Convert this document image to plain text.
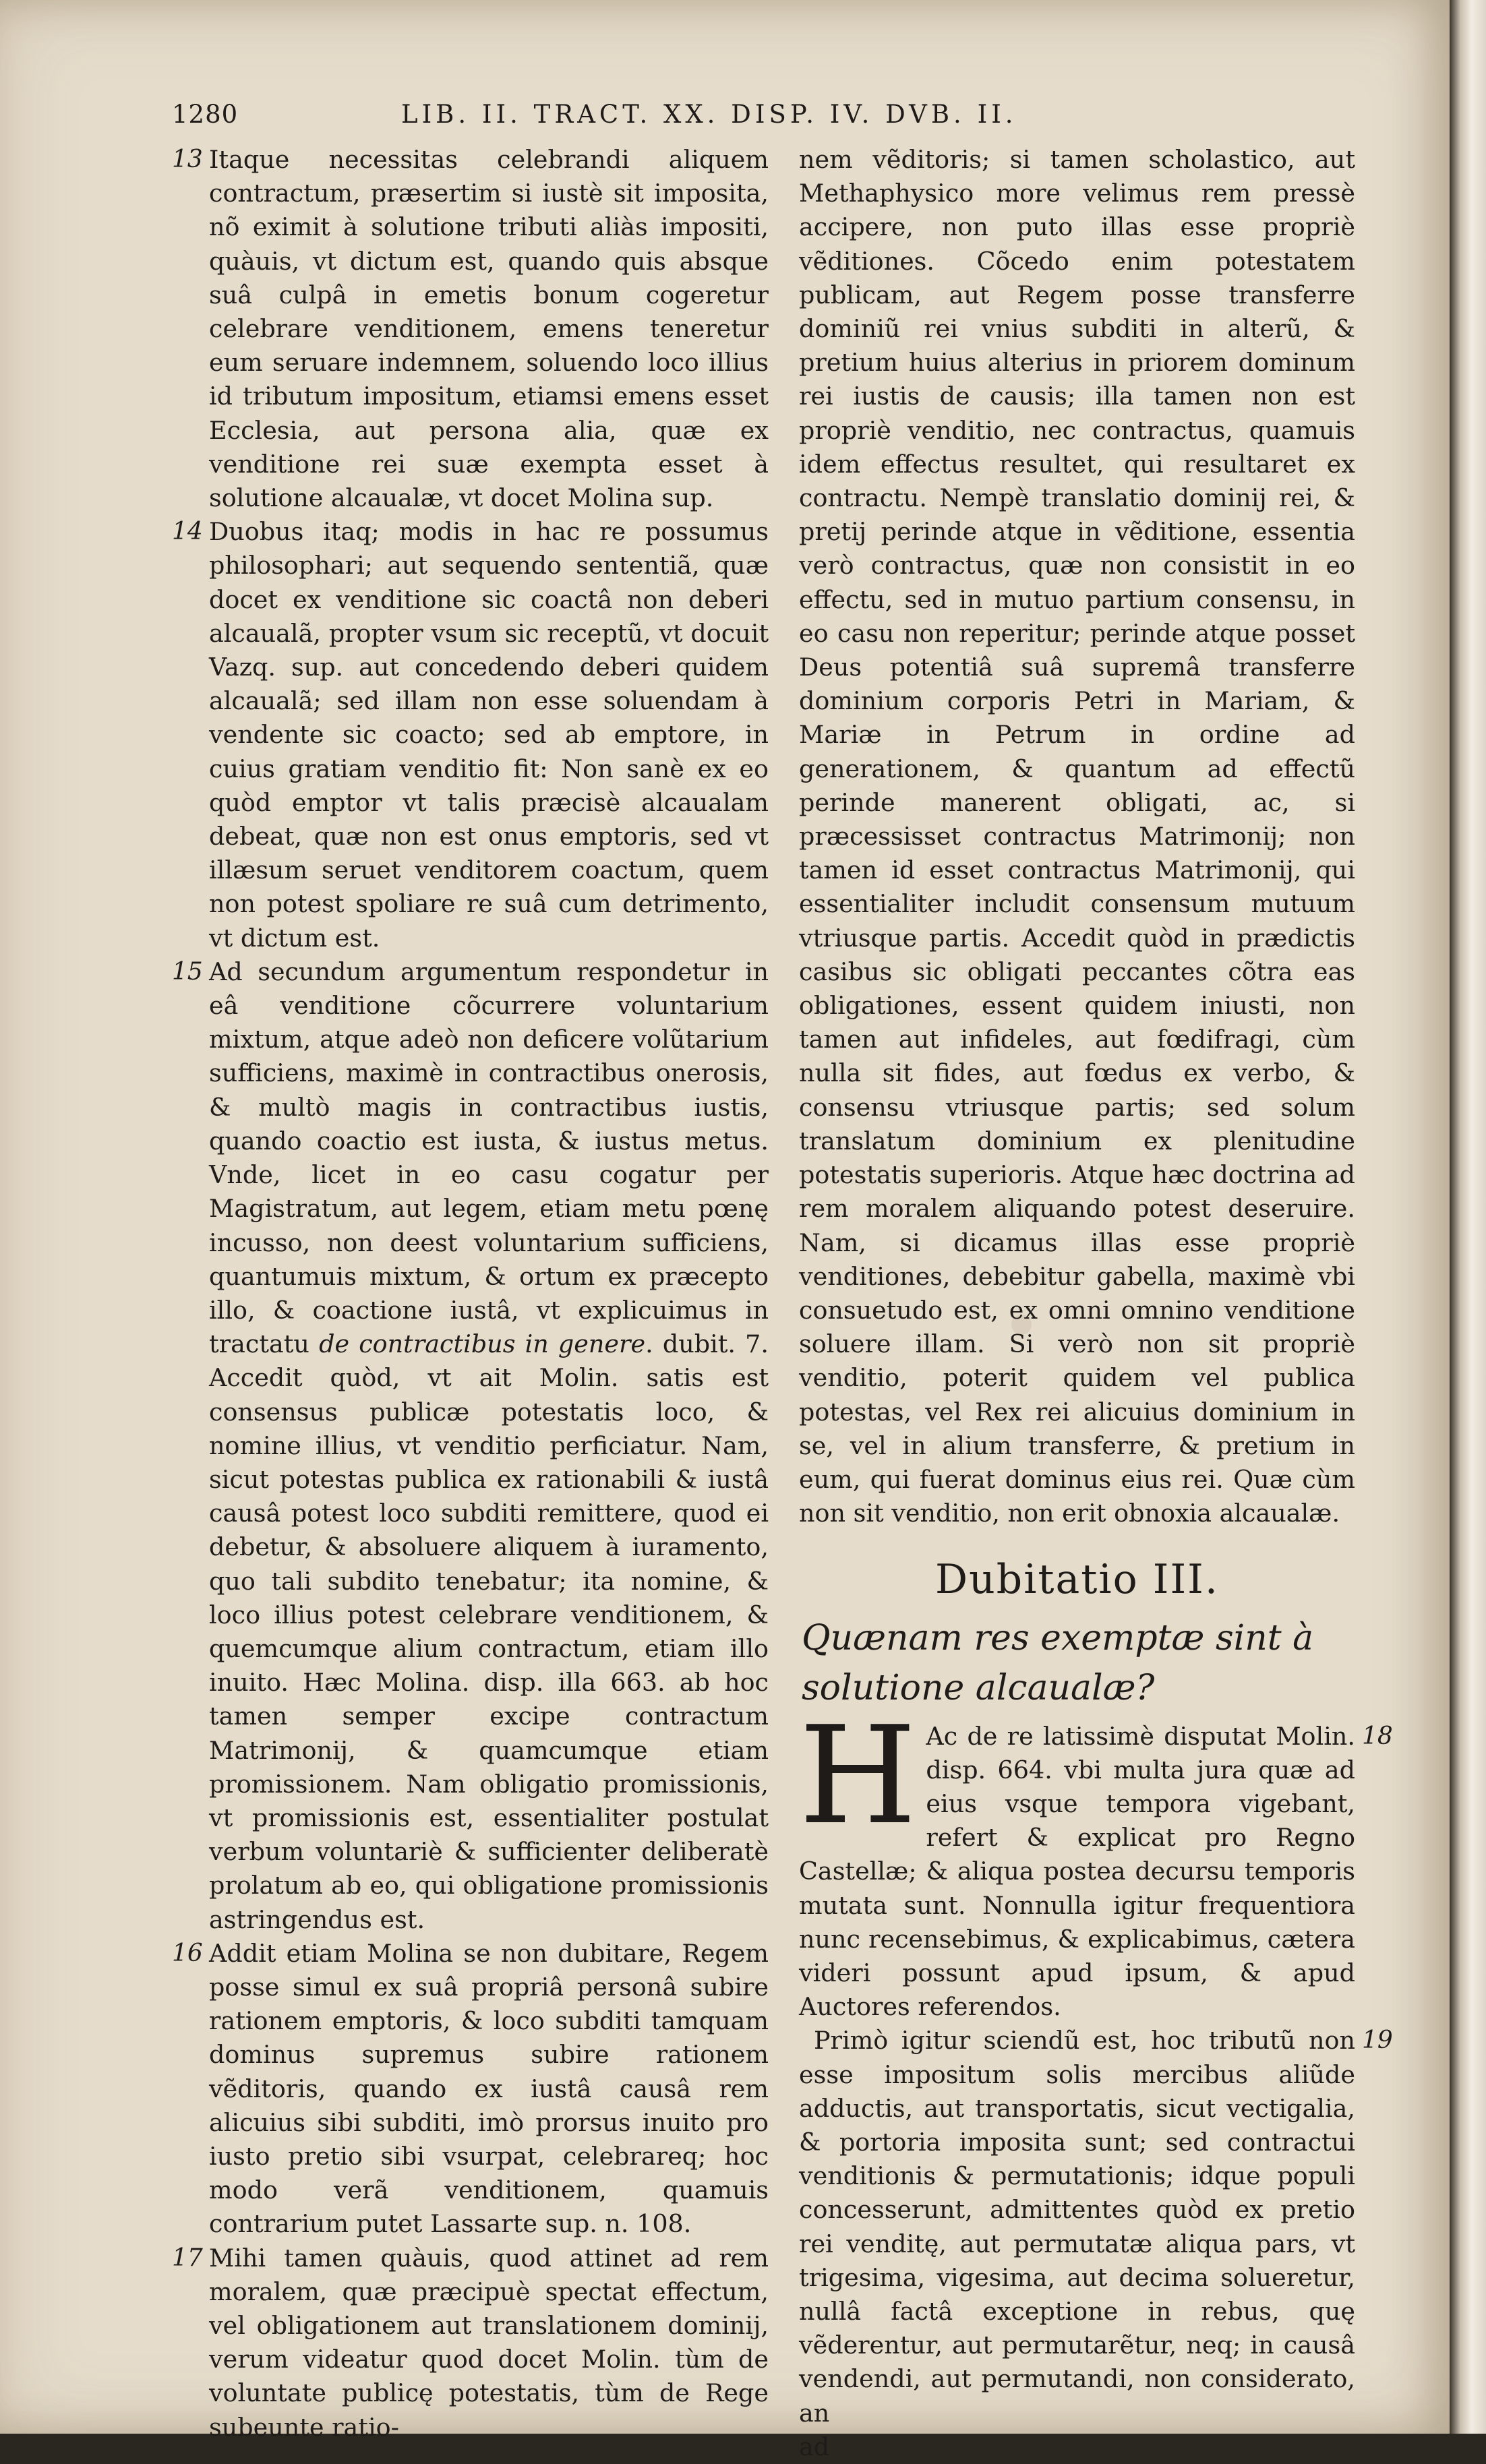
1280	LIB. II. TRACT. XX. DISP. IV. DVB. II.

13 Itaque necessitas celebrandi aliquem contractum, præsertim si iustè sit imposita, nõ eximit à solutione tributi aliàs impositi, quàuis, vt dictum est, quando quis absque suâ culpâ in emetis bonum cogeretur celebrare venditionem, emens teneretur eum seruare indemnem, soluendo loco illius id tributum impositum, etiamsi emens esset Ecclesia, aut persona alia, quæ ex venditione rei suæ exempta esset à solutione alcaualæ, vt docet Molina sup.

14 Duobus itaq; modis in hac re possumus philosophari; aut sequendo sententiã, quæ docet ex venditione sic coactâ non deberi alcaualã, propter vsum sic receptũ, vt docuit Vazq. sup. aut concedendo deberi quidem alcaualã; sed illam non esse soluendam à vendente sic coacto; sed ab emptore, in cuius gratiam venditio fit: Non sanè ex eo quòd emptor vt talis præcisè alcaualam debeat, quæ non est onus emptoris, sed vt illæsum seruet venditorem coactum, quem non potest spoliare re suâ cum detrimento, vt dictum est.

15 Ad secundum argumentum respondetur in eâ venditione cõcurrere voluntarium mixtum, atque adeò non deficere volũtarium sufficiens, maximè in contractibus onerosis, & multò magis in contractibus iustis, quando coactio est iusta, & iustus metus. Vnde, licet in eo casu cogatur per Magistratum, aut legem, etiam metu pœnę incusso, non deest voluntarium sufficiens, quantumuis mixtum, & ortum ex præcepto illo, & coactione iustâ, vt explicuimus in tractatu de contractibus in genere. dubit. 7. Accedit quòd, vt ait Molin. satis est consensus publicæ potestatis loco, & nomine illius, vt venditio perficiatur. Nam, sicut potestas publica ex rationabili & iustâ causâ potest loco subditi remittere, quod ei debetur, & absoluere aliquem à iuramento, quo tali subdito tenebatur; ita nomine, & loco illius potest celebrare venditionem, & quemcumque alium contractum, etiam illo inuito. Hæc Molina. disp. illa 663. ab hoc tamen semper excipe contractum Matrimonij, & quamcumque etiam promissionem. Nam obligatio promissionis, vt promissionis est, essentialiter postulat verbum voluntariè & sufficienter deliberatè prolatum ab eo, qui obligatione promissionis astringendus est.

16 Addit etiam Molina se non dubitare, Regem posse simul ex suâ propriâ personâ subire rationem emptoris, & loco subditi tamquam dominus supremus subire rationem vẽditoris, quando ex iustâ causâ rem alicuius sibi subditi, imò prorsus inuito pro iusto pretio sibi vsurpat, celebrareq; hoc modo verã venditionem, quamuis contrarium putet Lassarte sup. n. 108.

17 Mihi tamen quàuis, quod attinet ad rem moralem, quæ præcipuè spectat effectum, vel obligationem aut translationem dominij, verum videatur quod docet Molin. tùm de voluntate publicę potestatis, tùm de Rege subeunte ratio-

nem vẽditoris; si tamen scholastico, aut Methaphysico more velimus rem pressè accipere, non puto illas esse propriè vẽditiones. Cõcedo enim potestatem publicam, aut Regem posse transferre dominiũ rei vnius subditi in alterũ, & pretium huius alterius in priorem dominum rei iustis de causis; illa tamen non est propriè venditio, nec contractus, quamuis idem effectus resultet, qui resultaret ex contractu. Nempè translatio dominij rei, & pretij perinde atque in vẽditione, essentia verò contractus, quæ non consistit in eo effectu, sed in mutuo partium consensu, in eo casu non reperitur; perinde atque posset Deus potentiâ suâ supremâ transferre dominium corporis Petri in Mariam, & Mariæ in Petrum in ordine ad generationem, & quantum ad effectũ perinde manerent obligati, ac, si præcessisset contractus Matrimonij; non tamen id esset contractus Matrimonij, qui essentialiter includit consensum mutuum vtriusque partis. Accedit quòd in prædictis casibus sic obligati peccantes cõtra eas obligationes, essent quidem iniusti, non tamen aut infideles, aut fœdifragi, cùm nulla sit fides, aut fœdus ex verbo, & consensu vtriusque partis; sed solum translatum dominium ex plenitudine potestatis superioris. Atque hæc doctrina ad rem moralem aliquando potest deseruire. Nam, si dicamus illas esse propriè venditiones, debebitur gabella, maximè vbi consuetudo est, ex omni omnino venditione soluere illam. Si verò non sit propriè venditio, poterit quidem vel publica potestas, vel Rex rei alicuius dominium in se, vel in alium transferre, & pretium in eum, qui fuerat dominus eius rei. Quæ cùm non sit venditio, non erit obnoxia alcaualæ.

Dubitatio III.
Quænam res exemptæ sint à solutione alcaualæ?

18
H Ac de re latissimè disputat Molin. disp. 664. vbi multa jura quæ ad eius vsque tempora vigebant, refert & explicat pro Regno Castellæ; & aliqua postea decursu temporis mutata sunt. Nonnulla igitur frequentiora nunc recensebimus, & explicabimus, cætera videri possunt apud ipsum, & apud Auctores referendos.

19
Primò igitur sciendũ est, hoc tributũ non esse impositum solis mercibus aliũde adductis, aut transportatis, sicut vectigalia, & portoria imposita sunt; sed contractui venditionis & permutationis; idque populi concesserunt, admittentes quòd ex pretio rei venditę, aut permutatæ aliqua pars, vt trigesima, vigesima, aut decima solueretur, nullâ factâ exceptione in rebus, quę vẽderentur, aut permutarẽtur, neq; in causâ vendendi, aut permutandi, non considerato, an

ad
